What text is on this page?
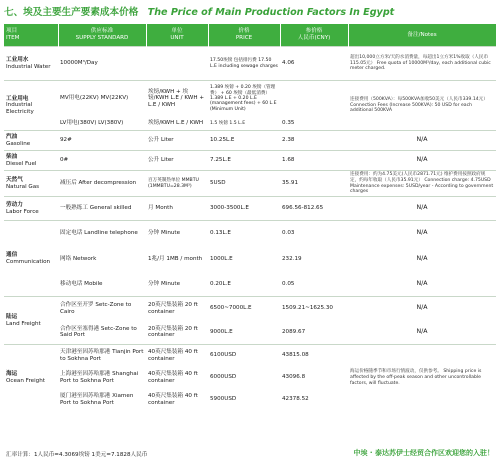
七、埃及主要生产要素成本价格 The Price of Main Production Factors In Egypt
项目
ITEM	供应标准
SUPPLY STANDARD	单位
UNIT	价格
PRICE	参价格
人民币(CNY)	备注/Notes
工业用水
Industrial Water	10000M³/Day		17.50埃镑 包括排污费 17.50 L.E including sewage charges	4.06	超出10,000立方米/天的水消费量，每超出1立方米1%收取（人民币115.05元） Free quota of 10000M³/day, each additional cubic meter charged.
工业用电
Industrial Electricity	MV用电(22KV) MV(22KV)	埃镑/KWH + 埃镑/KWH L.E / KWH + L.E / KWH	1.389 埃镑 + 0.20 埃镑（管理费） + 60 埃镑（最低消费） 1.389 L.E + 0.20 L.E (management fees) + 60 L.E (Minimum Unit)		连接费用（500KVA）：每500KVA加收50美元（人民币339.14元） Connection Fees (Increase 500KVA): 50 USD for each additional 500KVA
	LV用电(380V) LV(380V)	埃镑/KWH L.E / KWH	1.5 埃镑 1.5 L.E	0.35	
汽油
Gasoline	92#	公升 Liter	10.25L.E	2.38	N/A
柴油
Diesel Fuel	0#	公升 Liter	7.25L.E	1.68	N/A
天然气
Natural Gas	减压后 After decompression	百万英制热单位 MMBTU (1MMBTU=28.3M³)	5USD	35.91	连接费用：约为4.75美元(人民币2871.71元) 维护费用按照政府规定，约每年收取（人民币35.91元） Connection charge: 4.75USD Maintenance expenses: 5USD/year - According to government charges
劳动力
Labor Force	一般熟练工 General skilled	月 Month	3000-3500L.E	696.56-812.65	N/A
通信
Communication	固定电话 Landline telephone	分钟 Minute	0.13L.E	0.03	N/A
	网络 Network	1兆/月 1MB / month	1000L.E	232.19	N/A
	移动电话 Mobile	分钟 Minute	0.20L.E	0.05	N/A
陆运
Land Freight	合作区至开罗 Setc-Zone to Cairo	20英尺集装箱 20 ft container	6500~7000L.E	1509.21~1625.30	N/A
	合作区至塞得港 Setc-Zone to Said Port	20英尺集装箱 20 ft container	9000L.E	2089.67	N/A
海运
Ocean Freight	天津港至因苏哈那港 Tianjin Port to Sokhna Port	40英尺集装箱 40 ft container	6100USD	43815.08	海运价格随季节和市场行情波动，仅供参考。 Shipping price is affected by the off-peak season and other uncontrollable factors, will fluctuate.
	上海港至因苏哈那港 Shanghai Port to Sokhna Port	40英尺集装箱 40 ft container	6000USD	43096.8	
	厦门港至因苏哈那港 Xiamen Port to Sokhna Port	40英尺集装箱 40 ft container	5900USD	42378.52	
汇率计算：1人民币=4.3069埃镑 1美元=7.1828人民币	中埃 · 泰达苏伊士经贸合作区欢迎您的入驻！
